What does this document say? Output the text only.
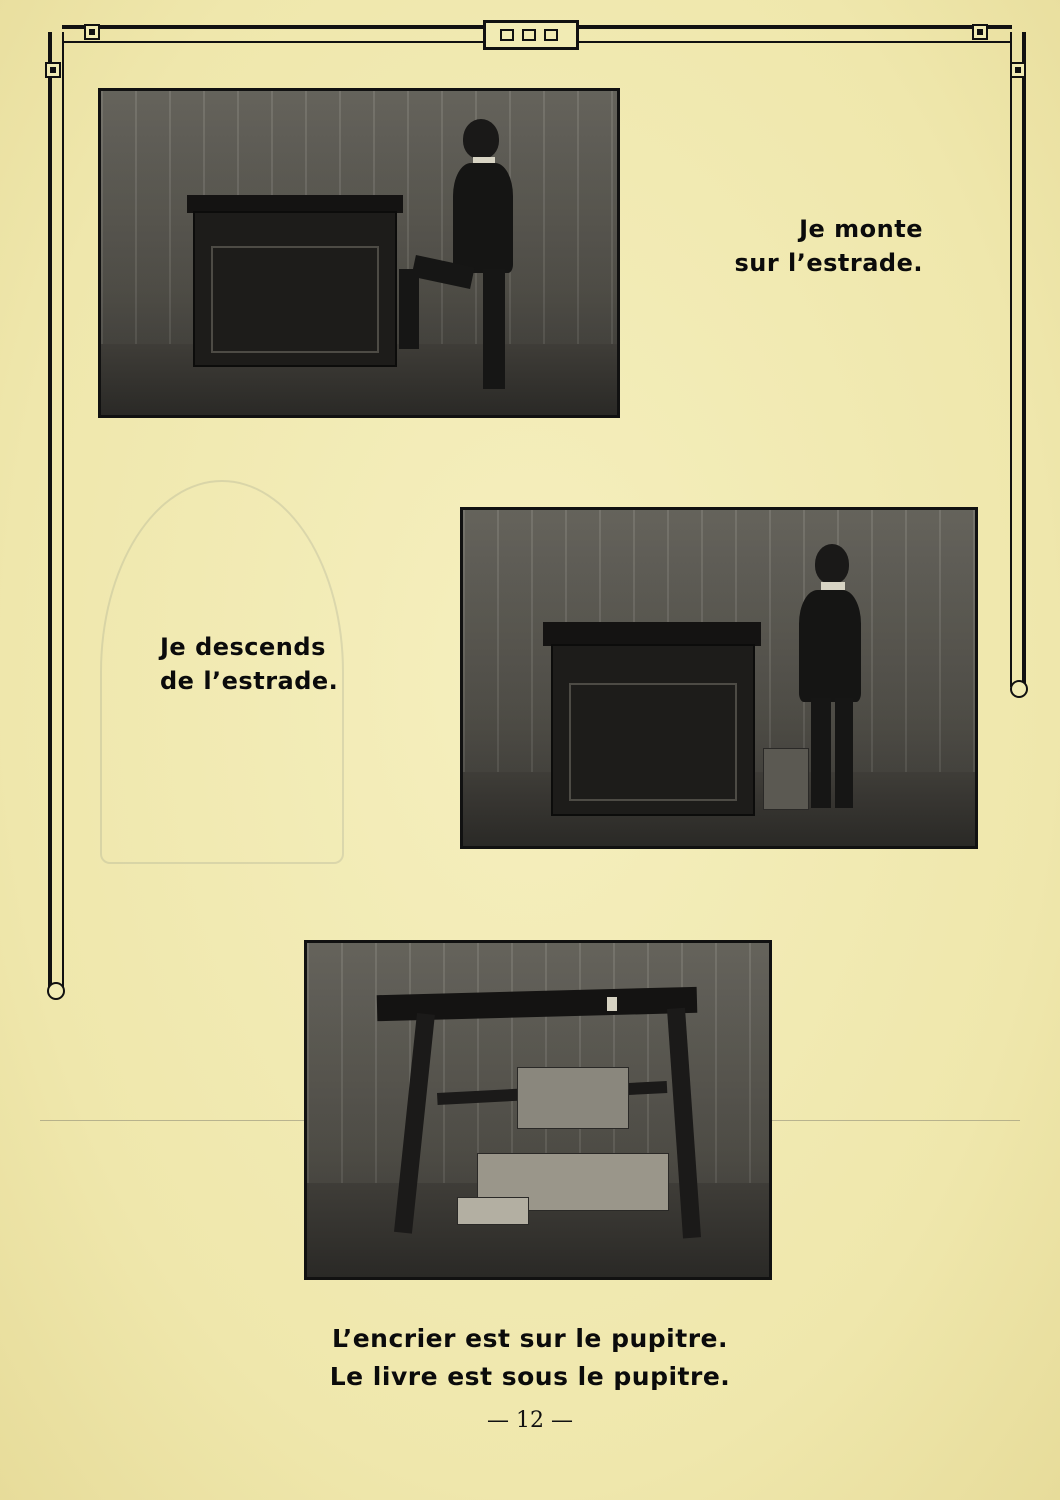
Je monte
sur l’estrade.
Je descends
de l’estrade.
L’encrier est sur le pupitre.
Le livre est sous le pupitre.
— 12 —
